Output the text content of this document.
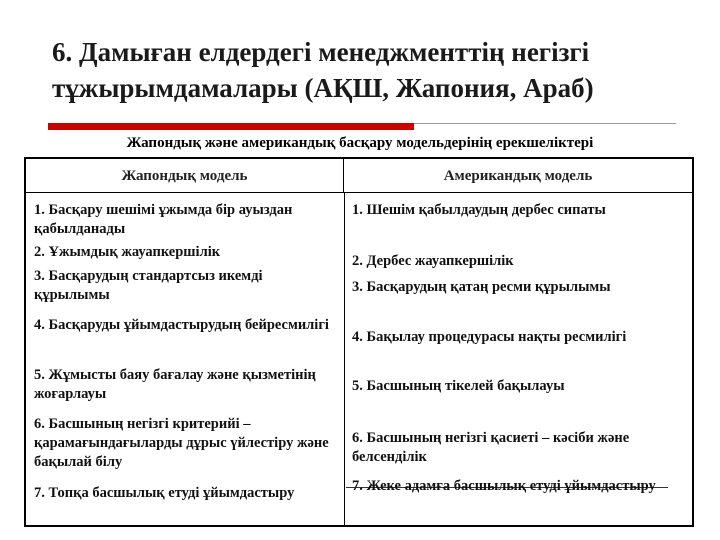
6. Дамыған елдердегі менеджменттің негізгі тұжырымдамалары (АҚШ, Жапония, Араб)
Жапондық және американдық басқару модельдерінің ерекшеліктері
Жапондық модель	Американдық модель
1. Басқару шешімі ұжымда бір ауыздан қабылданады
2. Ұжымдық жауапкершілік
3. Басқарудың стандартсыз икемді құрылымы
4. Басқаруды ұйымдастырудың бейресмилігі
5. Жұмысты баяу бағалау және қызметінің жоғарлауы
6. Басшының негізгі критерийі – қарамағындағыларды дұрыс үйлестіру және бақылай білу
7. Топқа басшылық етуді ұйымдастыру
1. Шешім қабылдаудың дербес сипаты
2. Дербес жауапкершілік
3. Басқарудың қатаң ресми құрылымы
4. Бақылау процедурасы нақты ресмилігі
5. Басшының тікелей бақылауы
6. Басшының негізгі қасиеті – кәсіби және белсенділік
7. Жеке адамға басшылық етуді ұйымдастыру
